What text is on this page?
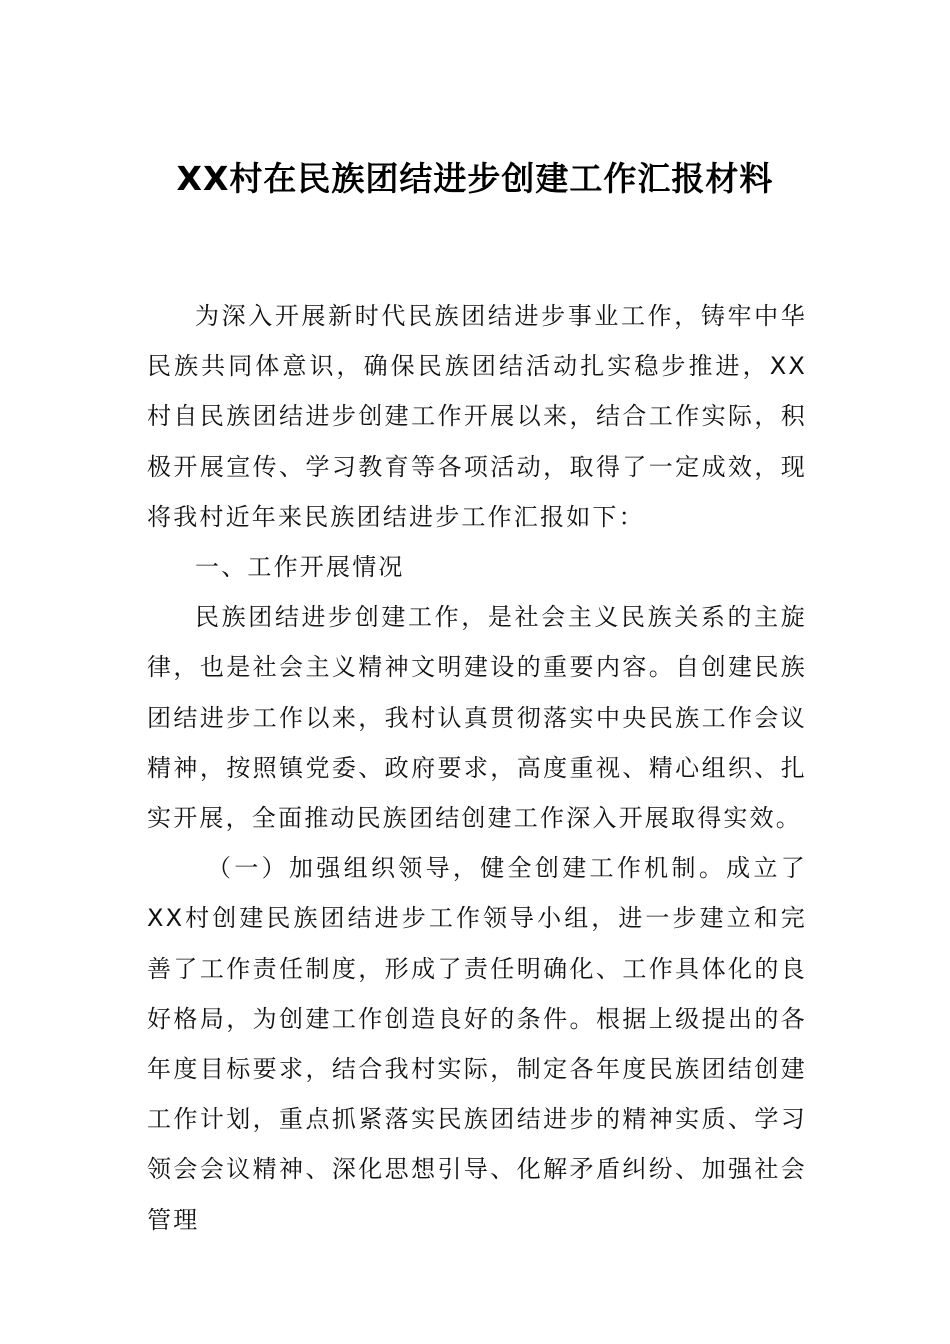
XX村在民族团结进步创建工作汇报材料

为深入开展新时代民族团结进步事业工作，铸牢中华民族共同体意识，确保民族团结活动扎实稳步推进，XX村自民族团结进步创建工作开展以来，结合工作实际，积极开展宣传、学习教育等各项活动，取得了一定成效，现将我村近年来民族团结进步工作汇报如下：

一、工作开展情况

民族团结进步创建工作，是社会主义民族关系的主旋律，也是社会主义精神文明建设的重要内容。自创建民族团结进步工作以来，我村认真贯彻落实中央民族工作会议精神，按照镇党委、政府要求，高度重视、精心组织、扎实开展，全面推动民族团结创建工作深入开展取得实效。

（一）加强组织领导，健全创建工作机制。成立了XX村创建民族团结进步工作领导小组，进一步建立和完善了工作责任制度，形成了责任明确化、工作具体化的良好格局，为创建工作创造良好的条件。根据上级提出的各年度目标要求，结合我村实际，制定各年度民族团结创建工作计划，重点抓紧落实民族团结进步的精神实质、学习领会会议精神、深化思想引导、化解矛盾纠纷、加强社会管理
